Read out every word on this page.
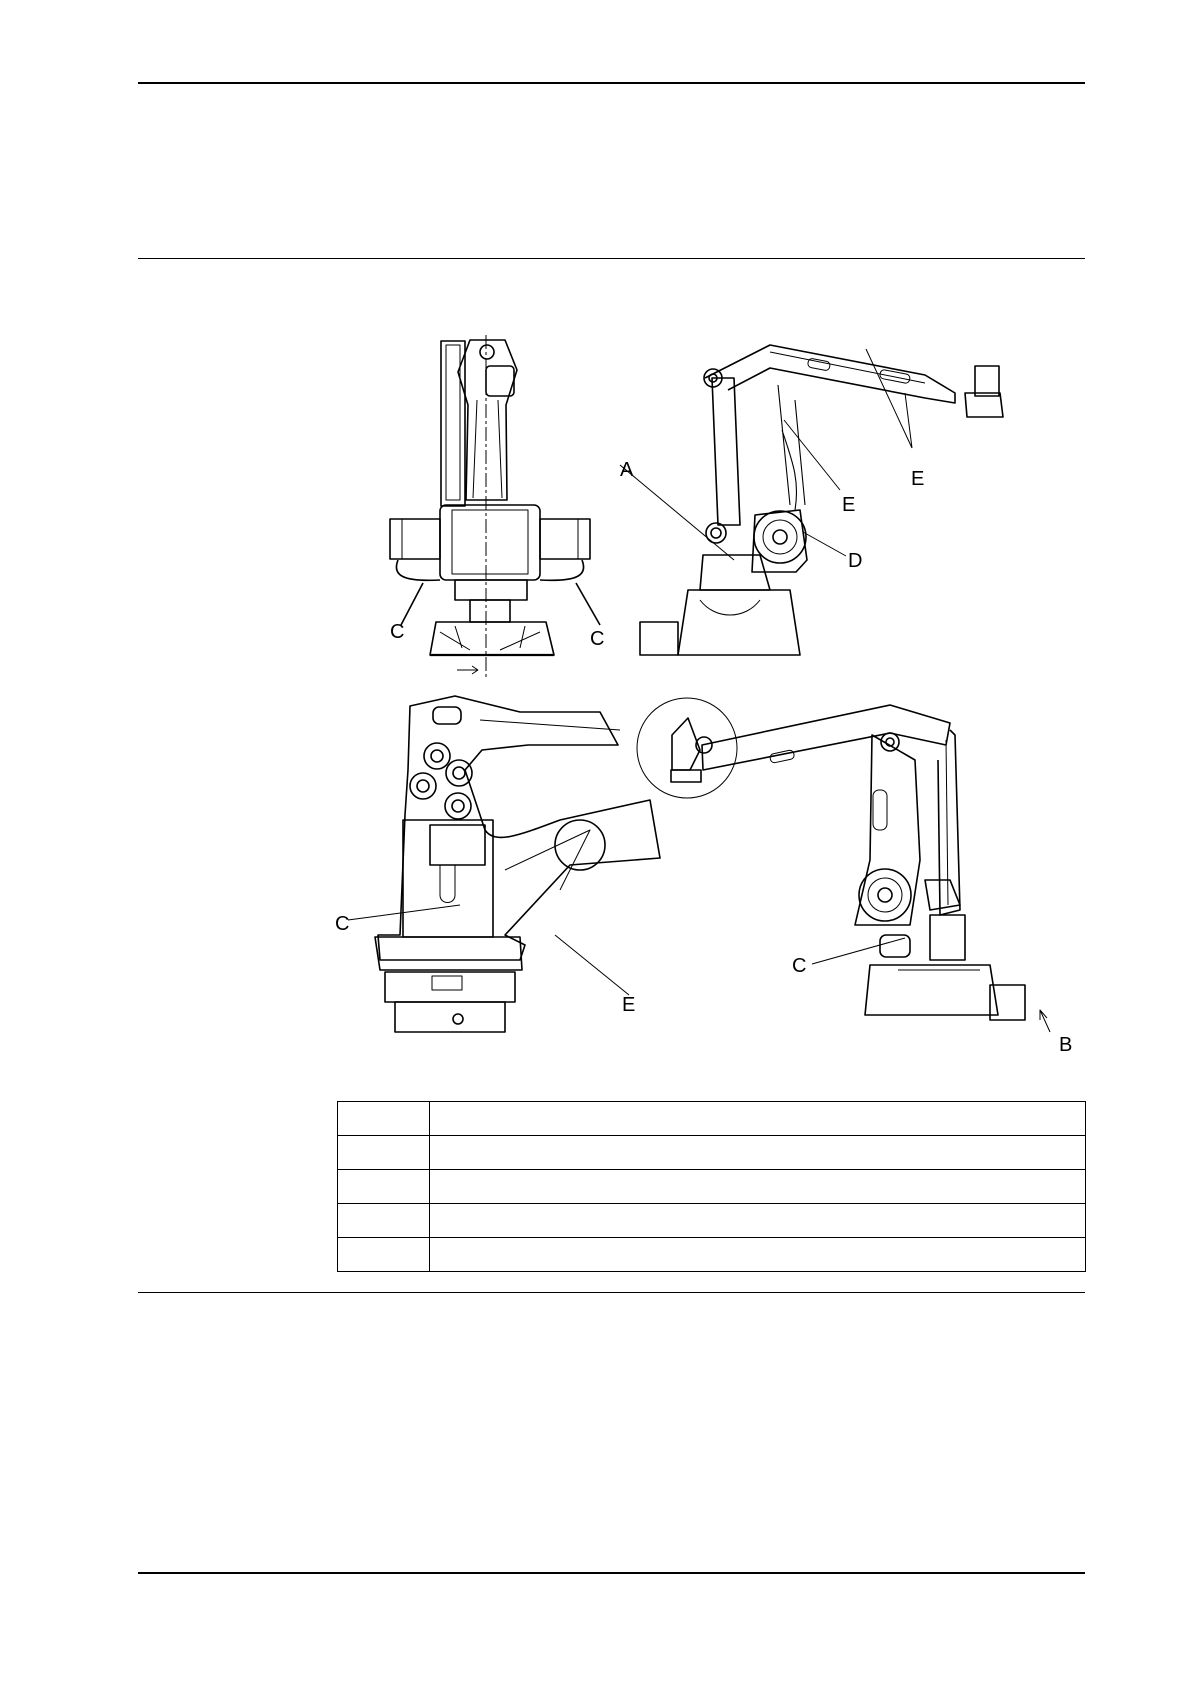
C	C
A	E
E
D
C
E
C
B
